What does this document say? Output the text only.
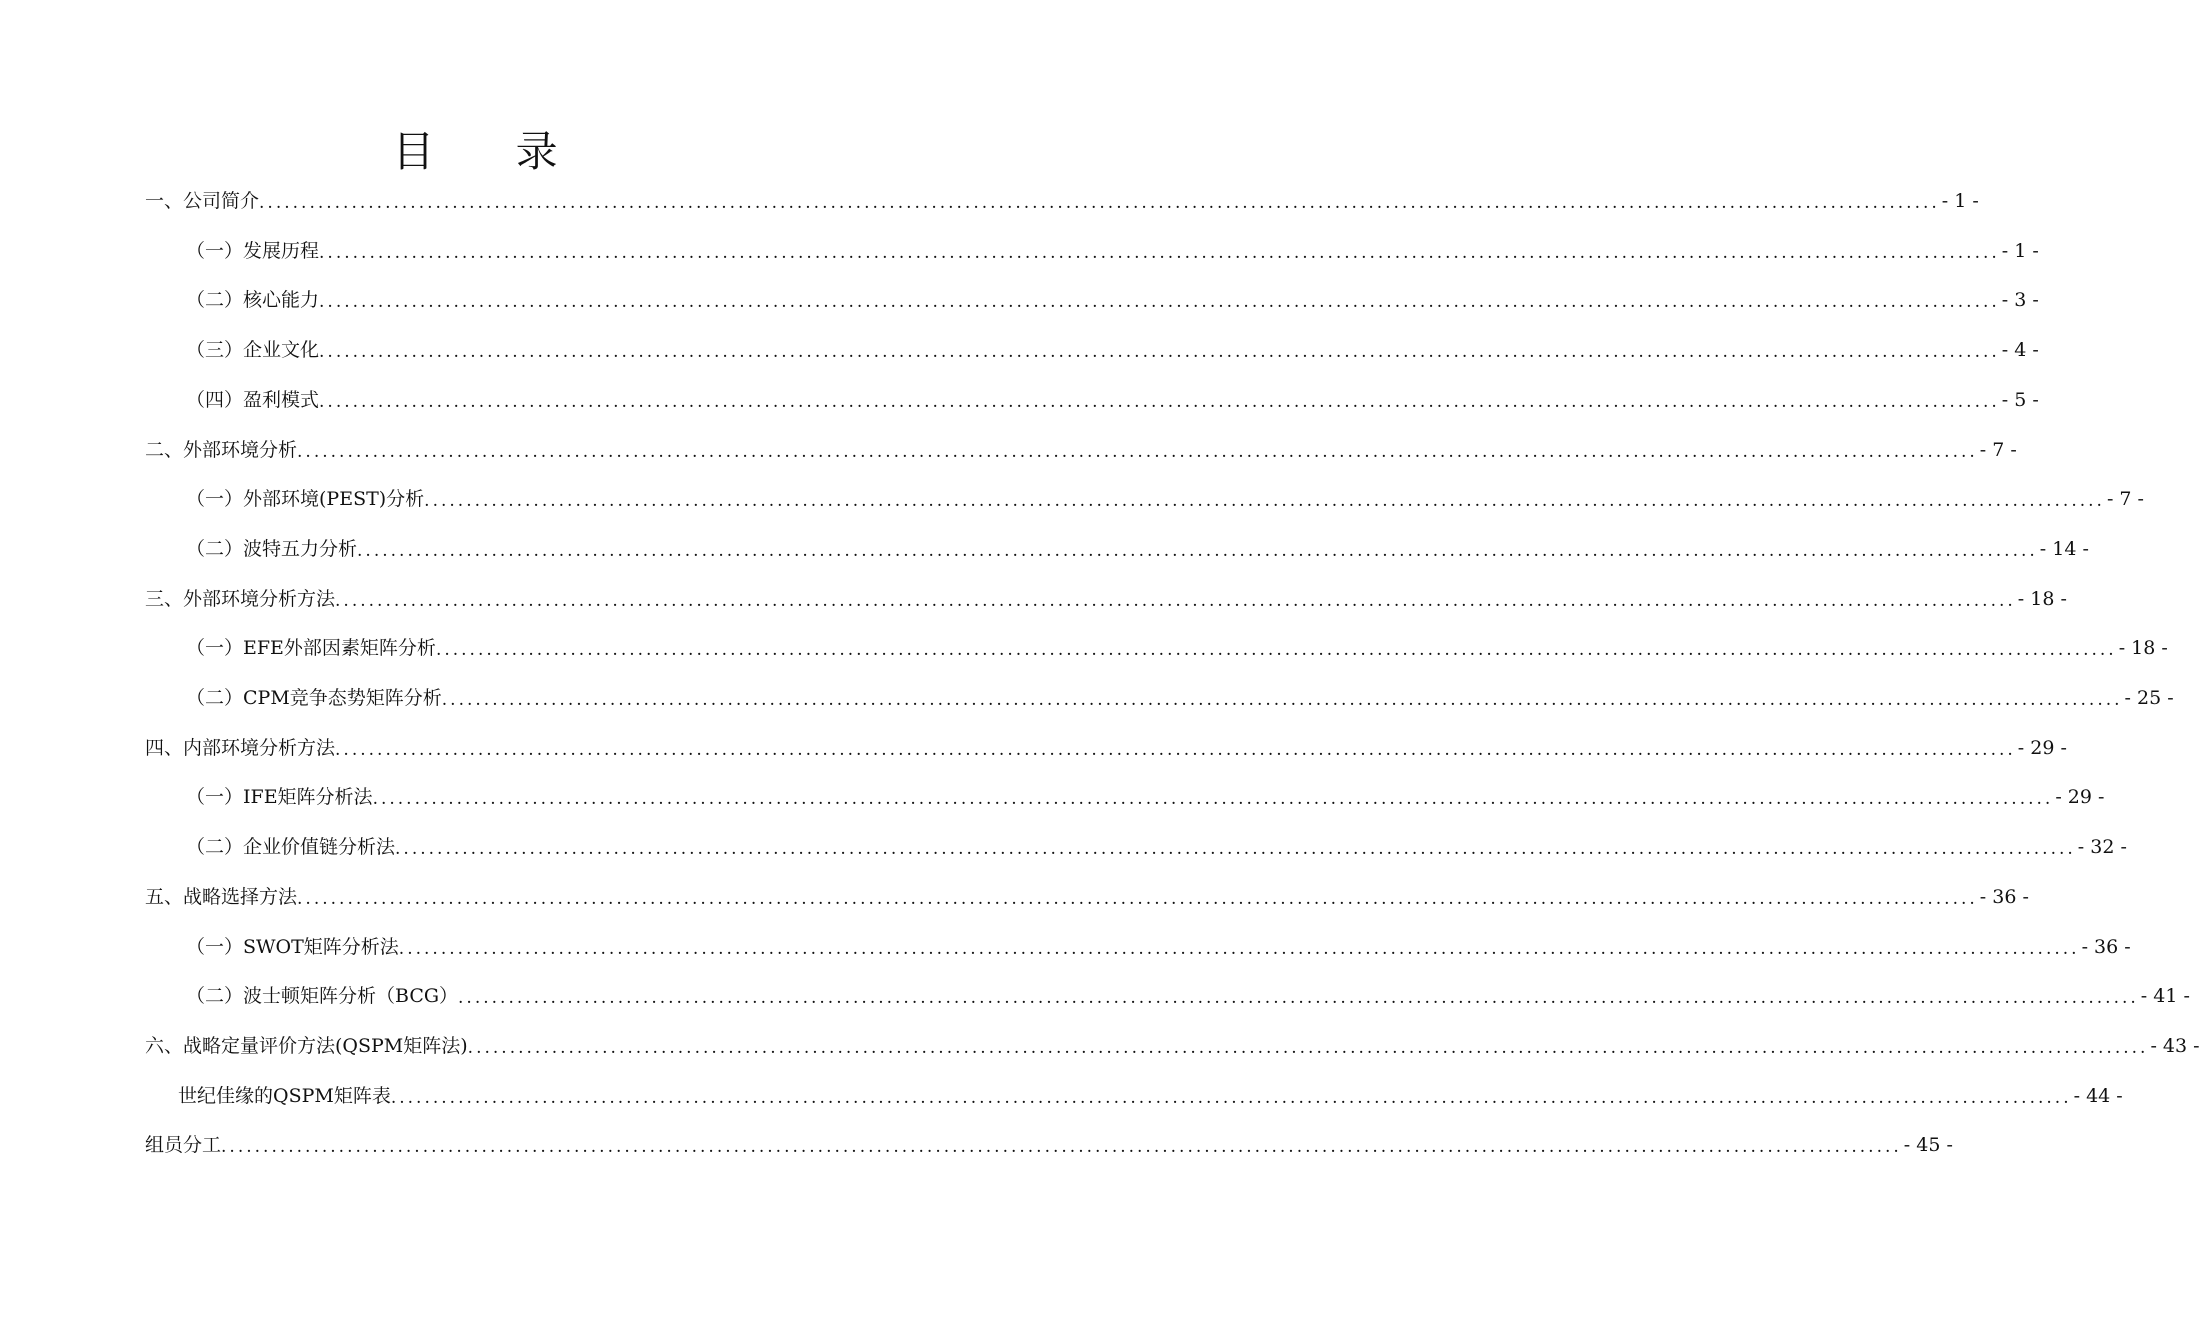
目 录
一、公司简介 ........................................................................................................................................................................................................ - 1 -
（一）发展历程 ........................................................................................................................................................................................................ - 1 -
（二）核心能力 ........................................................................................................................................................................................................ - 3 -
（三）企业文化 ........................................................................................................................................................................................................ - 4 -
（四）盈利模式 ........................................................................................................................................................................................................ - 5 -
二、外部环境分析 ........................................................................................................................................................................................................ - 7 -
（一）外部环境(PEST)分析 ........................................................................................................................................................................................................ - 7 -
（二）波特五力分析 ........................................................................................................................................................................................................ - 14 -
三、外部环境分析方法 ........................................................................................................................................................................................................ - 18 -
（一）EFE外部因素矩阵分析 ........................................................................................................................................................................................................ - 18 -
（二）CPM竞争态势矩阵分析 ........................................................................................................................................................................................................ - 25 -
四、内部环境分析方法 ........................................................................................................................................................................................................ - 29 -
（一）IFE矩阵分析法 ........................................................................................................................................................................................................ - 29 -
（二）企业价值链分析法 ........................................................................................................................................................................................................ - 32 -
五、战略选择方法 ........................................................................................................................................................................................................ - 36 -
（一）SWOT矩阵分析法 ........................................................................................................................................................................................................ - 36 -
（二）波士顿矩阵分析（BCG） ........................................................................................................................................................................................................ - 41 -
六、战略定量评价方法(QSPM矩阵法) ........................................................................................................................................................................................................ - 43 -
世纪佳缘的QSPM矩阵表 ........................................................................................................................................................................................................ - 44 -
组员分工 ........................................................................................................................................................................................................ - 45 -
